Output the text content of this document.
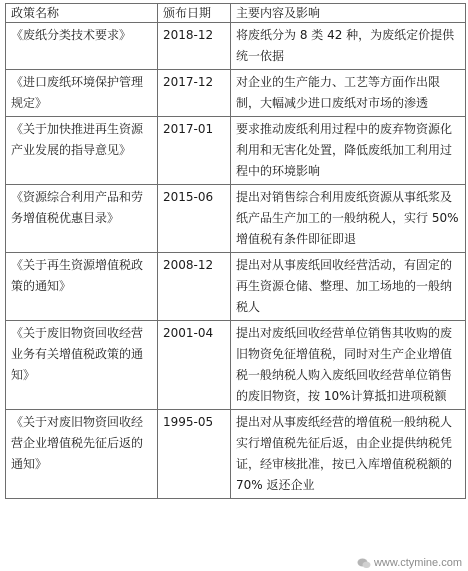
政策名称	颁布日期	主要内容及影响
《废纸分类技术要求》	2018-12	将废纸分为 8 类 42 种，为废纸定价提供统一依据
《进口废纸环境保护管理规定》	2017-12	对企业的生产能力、工艺等方面作出限制，大幅减少进口废纸对市场的渗透
《关于加快推进再生资源产业发展的指导意见》	2017-01	要求推动废纸利用过程中的废弃物资源化利用和无害化处置，降低废纸加工利用过程中的环境影响
《资源综合利用产品和劳务增值税优惠目录》	2015-06	提出对销售综合利用废纸资源从事纸浆及纸产品生产加工的一般纳税人，实行 50%增值税有条件即征即退
《关于再生资源增值税政策的通知》	2008-12	提出对从事废纸回收经营活动，有固定的再生资源仓储、整理、加工场地的一般纳税人
《关于废旧物资回收经营业务有关增值税政策的通知》	2001-04	提出对废纸回收经营单位销售其收购的废旧物资免征增值税，同时对生产企业增值税一般纳税人购入废纸回收经营单位销售的废旧物资，按 10%计算抵扣进项税额
《关于对废旧物资回收经营企业增值税先征后返的通知》	1995-05	提出对从事废纸经营的增值税一般纳税人实行增值税先征后返，由企业提供纳税凭证，经审核批准，按已入库增值税税额的 70% 返还企业
www.ctymine.com
